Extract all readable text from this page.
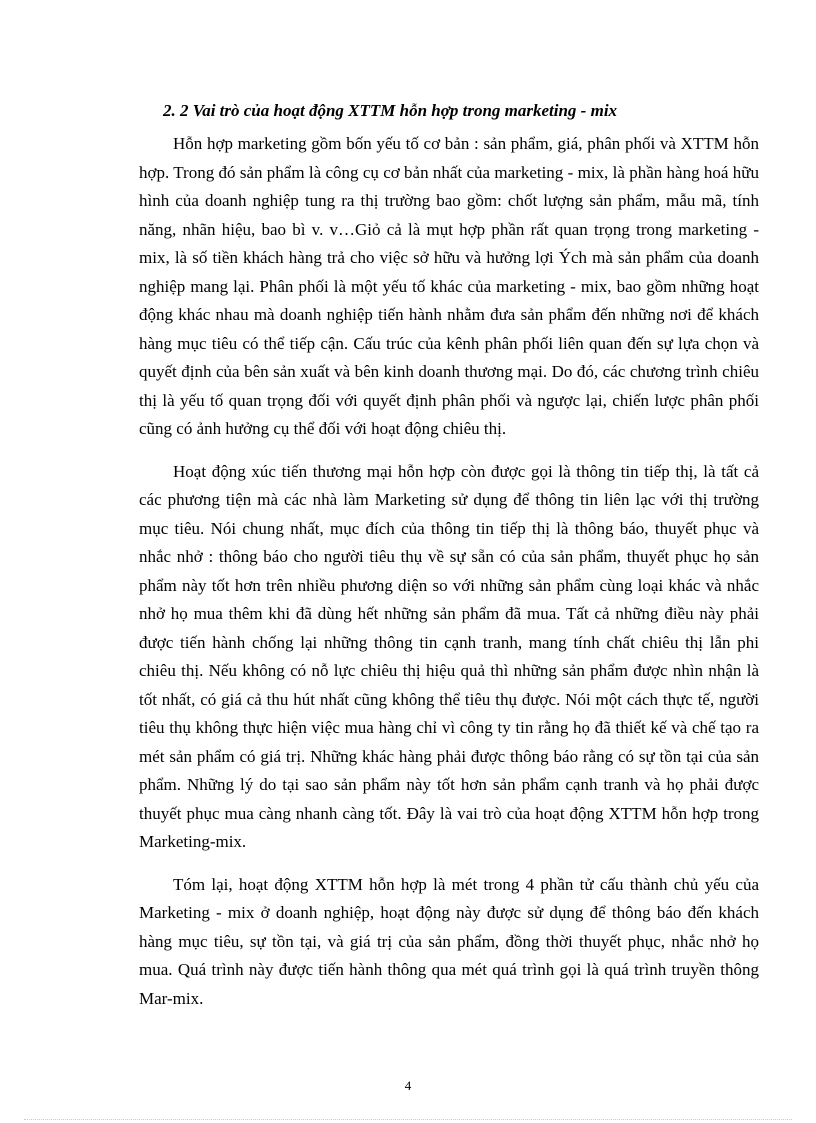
2. 2 Vai trò của hoạt động XTTM hỗn hợp trong marketing - mix

Hỗn hợp marketing gồm bốn yếu tố cơ bản : sản phẩm, giá, phân phối và XTTM hỗn hợp. Trong đó sản phẩm là công cụ cơ bản nhất của marketing - mix, là phần hàng hoá hữu hình của doanh nghiệp tung ra thị trường bao gồm: chốt lượng sản phẩm, mẫu mã, tính năng, nhãn hiệu, bao bì v. v…Giỏ cả là mụt hợp phần rất quan trọng trong marketing - mix, là số tiền khách hàng trả cho việc sở hữu và hưởng lợi Ých mà sản phẩm của doanh nghiệp mang lại. Phân phối là một yếu tố khác của marketing - mix, bao gồm những hoạt động khác nhau mà doanh nghiệp tiến hành nhằm đưa sản phẩm đến những nơi để khách hàng mục tiêu có thể tiếp cận. Cấu trúc của kênh phân phối liên quan đến sự lựa chọn và quyết định của bên sản xuất và bên kinh doanh thương mại. Do đó, các chương trình chiêu thị là yếu tố quan trọng đối với quyết định phân phối và ngược lại, chiến lược phân phối cũng có ảnh hưởng cụ thể đối với hoạt động chiêu thị.

Hoạt động xúc tiến thương mại hỗn hợp còn được gọi là thông tin tiếp thị, là tất cả các phương tiện mà các nhà làm Marketing sử dụng để thông tin liên lạc với thị trường mục tiêu. Nói chung nhất, mục đích của thông tin tiếp thị là thông báo, thuyết phục và nhắc nhở : thông báo cho người tiêu thụ về sự sẵn có của sản phẩm, thuyết phục họ sản phẩm này tốt hơn trên nhiều phương diện so với những sản phẩm cùng loại khác và nhắc nhở họ mua thêm khi đã dùng hết những sản phẩm đã mua. Tất cả những điều này phải được tiến hành chống lại những thông tin cạnh tranh, mang tính chất chiêu thị lẫn phi chiêu thị. Nếu không có nỗ lực chiêu thị hiệu quả thì những sản phẩm được nhìn nhận là tốt nhất, có giá cả thu hút nhất cũng không thể tiêu thụ được. Nói một cách thực tế, người tiêu thụ không thực hiện việc mua hàng chỉ vì công ty tin rằng họ đã thiết kế và chế tạo ra mét sản phẩm có giá trị. Những khác hàng phải được thông báo rằng có sự tồn tại của sản phẩm. Những lý do tại sao sản phẩm này tốt hơn sản phẩm cạnh tranh và họ phải được thuyết phục mua càng nhanh càng tốt. Đây là vai trò của hoạt động XTTM hỗn hợp trong Marketing-mix.

Tóm lại, hoạt động XTTM hỗn hợp là mét trong 4 phần tử cấu thành chủ yếu của Marketing - mix ở doanh nghiệp, hoạt động này được sử dụng để thông báo đến khách hàng mục tiêu, sự tồn tại, và giá trị của sản phẩm, đồng thời thuyết phục, nhắc nhở họ mua. Quá trình này được tiến hành thông qua mét quá trình gọi là quá trình truyền thông Mar-mix.

4
